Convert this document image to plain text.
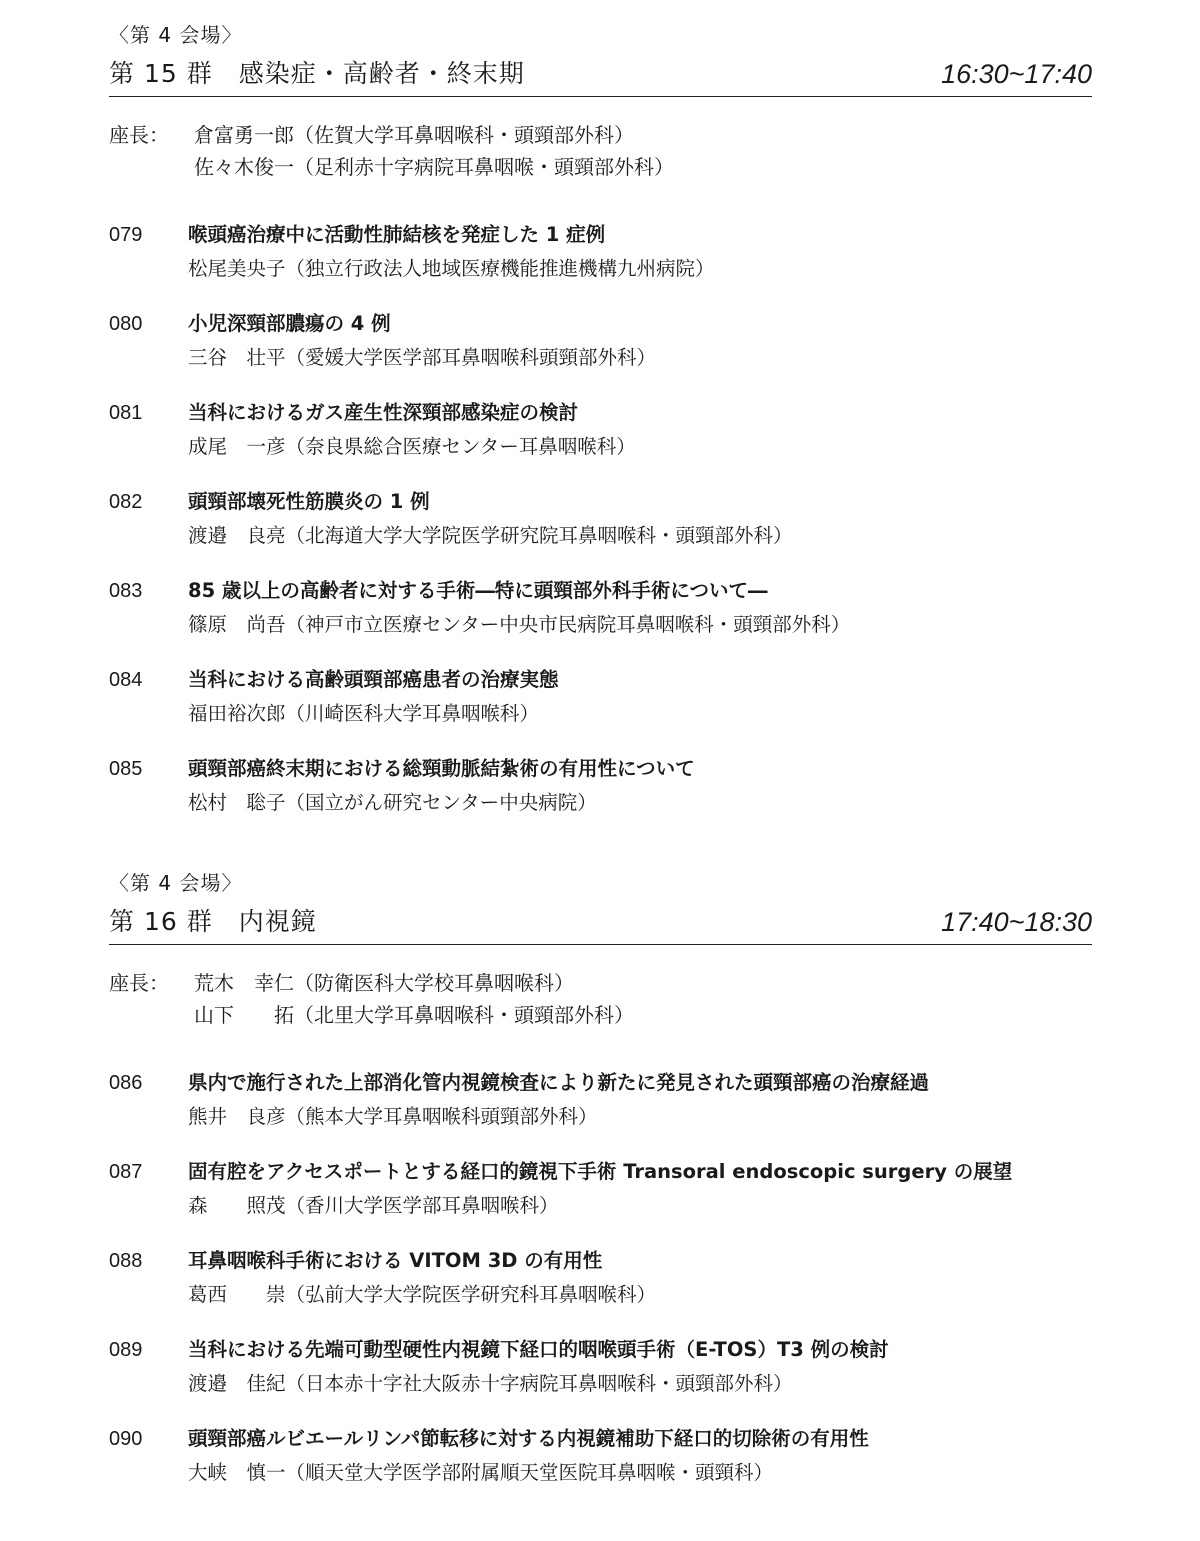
〈第 4 会場〉
第 15 群　感染症・高齢者・終末期	16:30~17:40
座長： 倉富勇一郎（佐賀大学耳鼻咽喉科・頭頸部外科）
佐々木俊一（足利赤十字病院耳鼻咽喉・頭頸部外科）
079 喉頭癌治療中に活動性肺結核を発症した 1 症例
松尾美央子（独立行政法人地域医療機能推進機構九州病院）
080 小児深頸部膿瘍の 4 例
三谷　壮平（愛媛大学医学部耳鼻咽喉科頭頸部外科）
081 当科におけるガス産生性深頸部感染症の検討
成尾　一彦（奈良県総合医療センター耳鼻咽喉科）
082 頭頸部壊死性筋膜炎の 1 例
渡邉　良亮（北海道大学大学院医学研究院耳鼻咽喉科・頭頸部外科）
083 85 歳以上の高齢者に対する手術―特に頭頸部外科手術について―
篠原　尚吾（神戸市立医療センター中央市民病院耳鼻咽喉科・頭頸部外科）
084 当科における高齢頭頸部癌患者の治療実態
福田裕次郎（川崎医科大学耳鼻咽喉科）
085 頭頸部癌終末期における総頸動脈結紮術の有用性について
松村　聡子（国立がん研究センター中央病院）
〈第 4 会場〉
第 16 群　内視鏡	17:40~18:30
座長： 荒木　幸仁（防衛医科大学校耳鼻咽喉科）
山下　　拓（北里大学耳鼻咽喉科・頭頸部外科）
086 県内で施行された上部消化管内視鏡検査により新たに発見された頭頸部癌の治療経過
熊井　良彦（熊本大学耳鼻咽喉科頭頸部外科）
087 固有腔をアクセスポートとする経口的鏡視下手術 Transoral endoscopic surgery の展望
森　　照茂（香川大学医学部耳鼻咽喉科）
088 耳鼻咽喉科手術における VITOM 3D の有用性
葛西　　崇（弘前大学大学院医学研究科耳鼻咽喉科）
089 当科における先端可動型硬性内視鏡下経口的咽喉頭手術（E-TOS）T3 例の検討
渡邉　佳紀（日本赤十字社大阪赤十字病院耳鼻咽喉科・頭頸部外科）
090 頭頸部癌ルビエールリンパ節転移に対する内視鏡補助下経口的切除術の有用性
大峡　慎一（順天堂大学医学部附属順天堂医院耳鼻咽喉・頭頸科）
